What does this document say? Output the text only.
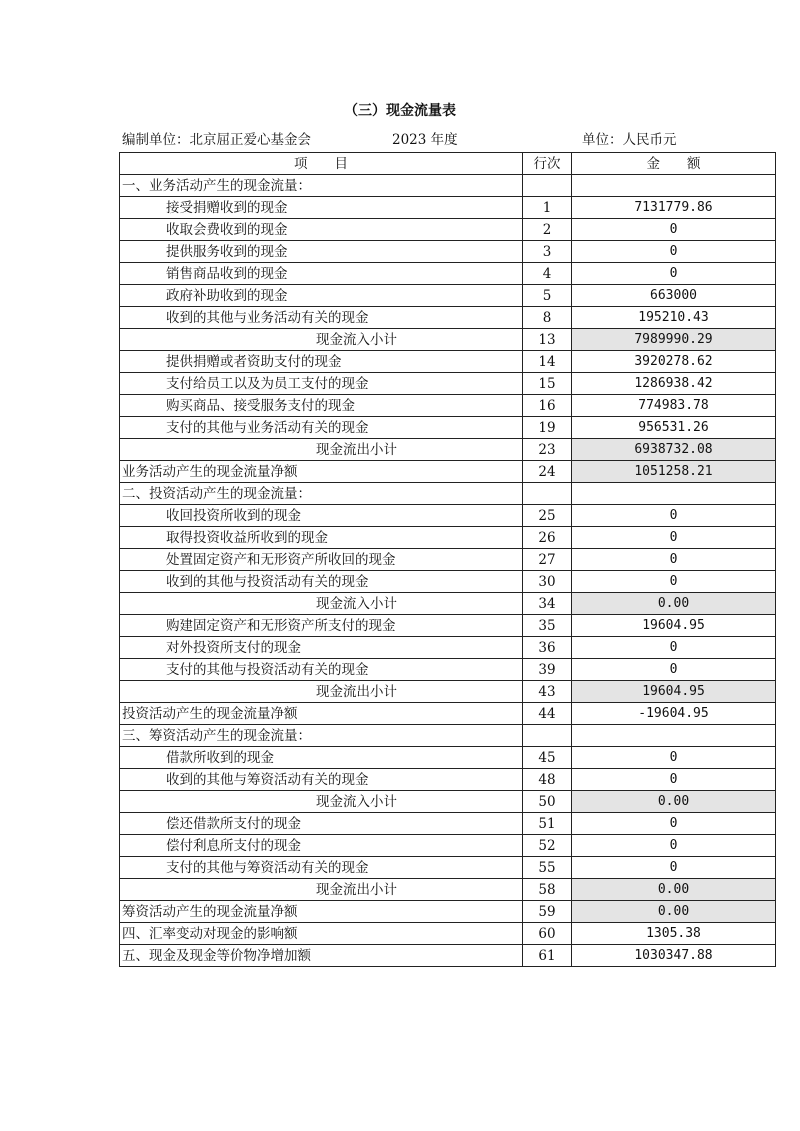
（三）现金流量表
编制单位：北京屈正爱心基金会	2023 年度	单位：人民币元
项　　目	行次	金　　额
一、业务活动产生的现金流量：		
接受捐赠收到的现金	1	7131779.86
收取会费收到的现金	2	0
提供服务收到的现金	3	0
销售商品收到的现金	4	0
政府补助收到的现金	5	663000
收到的其他与业务活动有关的现金	8	195210.43
现金流入小计	13	7989990.29
提供捐赠或者资助支付的现金	14	3920278.62
支付给员工以及为员工支付的现金	15	1286938.42
购买商品、接受服务支付的现金	16	774983.78
支付的其他与业务活动有关的现金	19	956531.26
现金流出小计	23	6938732.08
业务活动产生的现金流量净额	24	1051258.21
二、投资活动产生的现金流量：		
收回投资所收到的现金	25	0
取得投资收益所收到的现金	26	0
处置固定资产和无形资产所收回的现金	27	0
收到的其他与投资活动有关的现金	30	0
现金流入小计	34	0.00
购建固定资产和无形资产所支付的现金	35	19604.95
对外投资所支付的现金	36	0
支付的其他与投资活动有关的现金	39	0
现金流出小计	43	19604.95
投资活动产生的现金流量净额	44	-19604.95
三、筹资活动产生的现金流量：		
借款所收到的现金	45	0
收到的其他与筹资活动有关的现金	48	0
现金流入小计	50	0.00
偿还借款所支付的现金	51	0
偿付利息所支付的现金	52	0
支付的其他与筹资活动有关的现金	55	0
现金流出小计	58	0.00
筹资活动产生的现金流量净额	59	0.00
四、汇率变动对现金的影响额	60	1305.38
五、现金及现金等价物净增加额	61	1030347.88
